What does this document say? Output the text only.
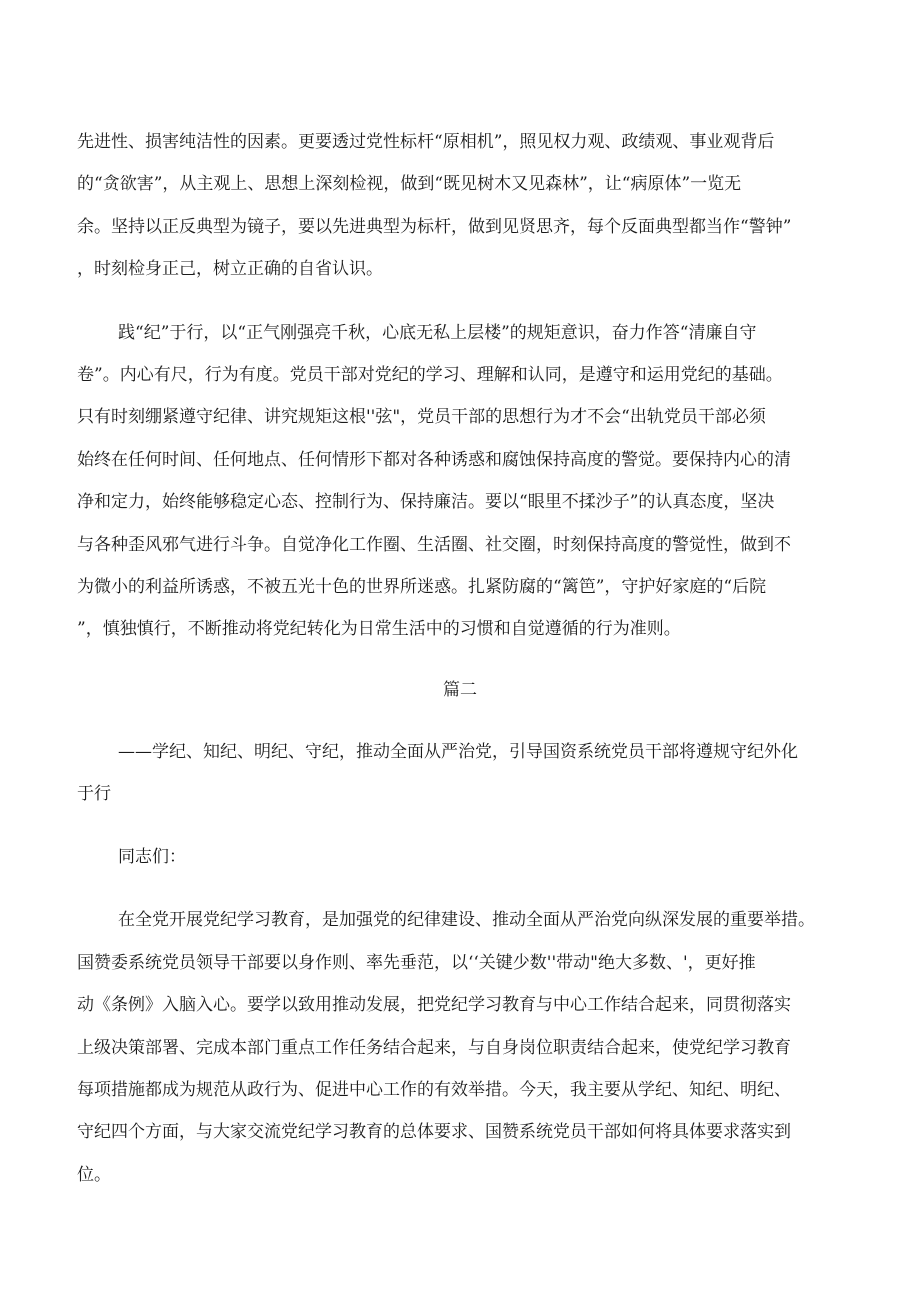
先进性、损害纯洁性的因素。更要透过党性标杆“原相机”，照见权力观、政绩观、事业观背后
的“贪欲害”，从主观上、思想上深刻检视，做到“既见树木又见森林”，让“病原体”一览无
余。坚持以正反典型为镜子，要以先进典型为标杆，做到见贤思齐，每个反面典型都当作“警钟”
，时刻检身正己，树立正确的自省认识。
践“纪”于行，以“正气刚强亮千秋，心底无私上层楼”的规矩意识，奋力作答“清廉自守
卷”。内心有尺，行为有度。党员干部对党纪的学习、理解和认同，是遵守和运用党纪的基础。
只有时刻绷紧遵守纪律、讲究规矩这根''弦"，党员干部的思想行为才不会“出轨党员干部必须
始终在任何时间、任何地点、任何情形下都对各种诱惑和腐蚀保持高度的警觉。要保持内心的清
净和定力，始终能够稳定心态、控制行为、保持廉洁。要以“眼里不揉沙子”的认真态度，坚决
与各种歪风邪气进行斗争。自觉净化工作圈、生活圈、社交圈，时刻保持高度的警觉性，做到不
为微小的利益所诱惑，不被五光十色的世界所迷惑。扎紧防腐的“篱笆”，守护好家庭的“后院
”，慎独慎行，不断推动将党纪转化为日常生活中的习惯和自觉遵循的行为准则。
篇二
——学纪、知纪、明纪、守纪，推动全面从严治党，引导国资系统党员干部将遵规守纪外化
于行
同志们：
在全党开展党纪学习教育，是加强党的纪律建设、推动全面从严治党向纵深发展的重要举措。
国赞委系统党员领导干部要以身作则、率先垂范，以‘‘关键少数''带动"绝大多数、'，更好推
动《条例》入脑入心。要学以致用推动发展，把党纪学习教育与中心工作结合起来，同贯彻落实
上级决策部署、完成本部门重点工作任务结合起来，与自身岗位职责结合起来，使党纪学习教育
每项措施都成为规范从政行为、促进中心工作的有效举措。今天，我主要从学纪、知纪、明纪、
守纪四个方面，与大家交流党纪学习教育的总体要求、国赞系统党员干部如何将具体要求落实到
位。
